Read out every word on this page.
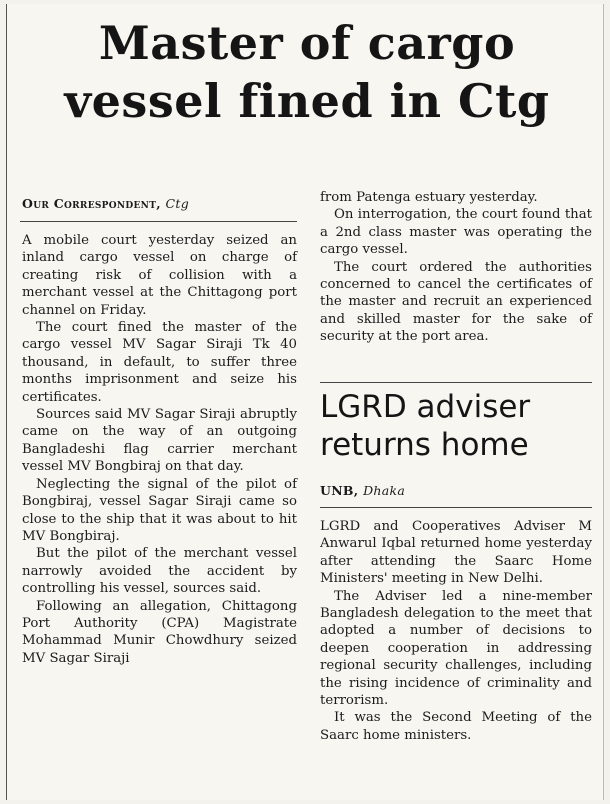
Master of cargo vessel fined in Ctg
Our Correspondent, Ctg

A mobile court yesterday seized an inland cargo vessel on charge of creating risk of collision with a merchant vessel at the Chittagong port channel on Friday.

The court fined the master of the cargo vessel MV Sagar Siraji Tk 40 thousand, in default, to suffer three months imprisonment and seize his certificates.

Sources said MV Sagar Siraji abruptly came on the way of an outgoing Bangladeshi flag carrier merchant vessel MV Bongbiraj on that day.

Neglecting the signal of the pilot of Bongbiraj, vessel Sagar Siraji came so close to the ship that it was about to hit MV Bongbiraj.

But the pilot of the merchant vessel narrowly avoided the accident by controlling his vessel, sources said.

Following an allegation, Chittagong Port Authority (CPA) Magistrate Mohammad Munir Chowdhury seized MV Sagar Siraji

from Patenga estuary yesterday.

On interrogation, the court found that a 2nd class master was operating the cargo vessel.

The court ordered the authorities concerned to cancel the certificates of the master and recruit an experienced and skilled master for the sake of security at the port area.

LGRD adviser returns home
UNB, Dhaka

LGRD and Cooperatives Adviser M Anwarul Iqbal returned home yesterday after attending the Saarc Home Ministers' meeting in New Delhi.

The Adviser led a nine-member Bangladesh delegation to the meet that adopted a number of decisions to deepen cooperation in addressing regional security challenges, including the rising incidence of criminality and terrorism.

It was the Second Meeting of the Saarc home ministers.
